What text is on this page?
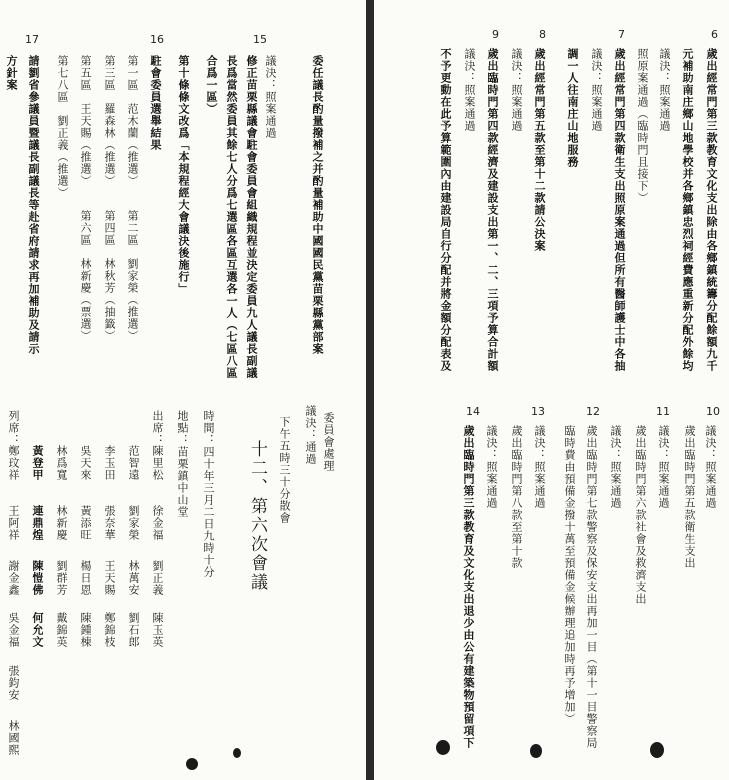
17	16	15
委任議長酌量撥補之并酌量補助中國國民黨苗栗縣黨部案
議決：照案通過
修正苗栗縣議會駐會委員會組織規程並決定委員九人議長副議
長爲當然委員其餘七人分爲七選區各區互選各一人（七區八區
合爲一區）
第十條條文改爲「本規程經大會議決後施行」
駐會委員選舉結果
第一區　范木蘭（推選）
第二區　劉家榮（推選）
第三區　羅森林（推選）
第四區　林秋芳（抽籤）
第五區　王天賜（推選）
第六區　林新慶（票選）
第七八區　劉正義（推選）
請劉省參議員暨議長副議長等赴省府請求再加補助及請示
方針案
委員會處理
議決：通過
下午五時三十分散會
十二、第六次會議
時間：四十年三月二日九時十分
地點：苗栗鎮中山堂
出席：
陳里松
徐金福
劉正義
陳玉英
范智遠
劉家榮
林萬安
劉石郎
李玉田
張奈華
王天賜
鄭錦枝
吳天來
黃添旺
楊日恩
陳鍾棟
林爲寬
林新慶
劉群芳
戴錦英
黃登甲
連鼎煌
陳愷佛
何允文
列席：
鄭玟祥
王阿祥
謝金鑫
吳金福
張鈞安
林國熙
6
7
8
9
歲出經常門第三款教育文化支出除由各鄉鎮統籌分配餘額九千
元補助南庄鄉山地學校并各鄉鎮忠烈祠經費應重新分配外餘均
議決：照案通過
照原案通過（臨時門且接下）
歲出經常門第四款衛生支出照原案通過但所有醫師護士中各抽
議決：照案通過
調一人往南庄山地服務
歲出經常門第五款至第十二款請公決案
議決：照案通過
歲出臨時門第四款經濟及建設支出第一、二、三項予算合計額
議決：照案通過
不予更動在此予算範圍內由建設局自行分配并將金額分配表及
10
議決：照案通過
歲出臨時門第五款衛生支出
11
議決：照案通過
歲出臨時門第六款社會及救濟支出
12
議決：照案通過
歲出臨時門第七款警察及保安支出再加一目（第十一目警察局
臨時費由預備金撥十萬至預備金候辦理追加時再予增加）
13
議決：照案通過
歲出臨時門第八款至第十款
14
議決：照案通過
歲出臨時門第三款教育及文化支出退少由公有建築物預留項下
